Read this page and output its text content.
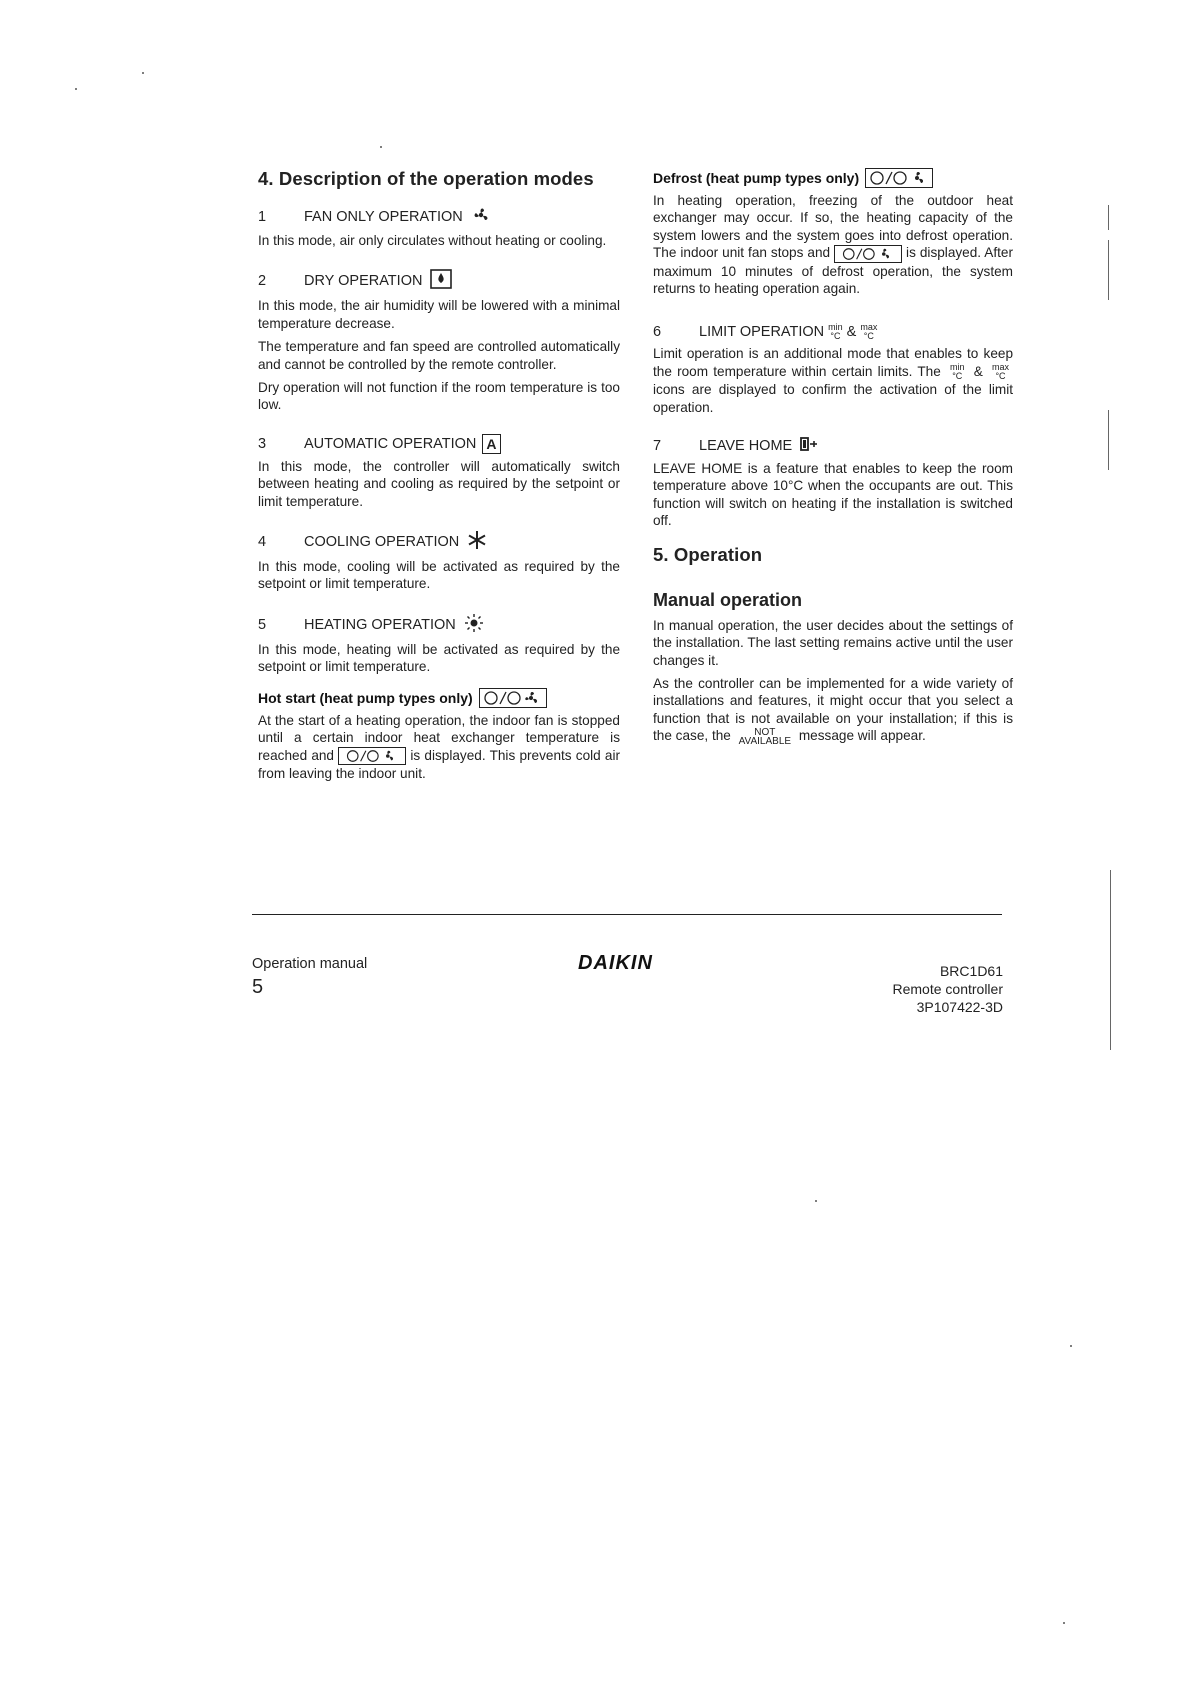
4. Description of the operation modes
1	FAN ONLY OPERATION

In this mode, air only circulates without heating or cooling.

2	DRY OPERATION

In this mode, the air humidity will be lowered with a minimal temperature decrease.

The temperature and fan speed are controlled automatically and cannot be controlled by the remote controller.

Dry operation will not function if the room temperature is too low.

3	AUTOMATIC OPERATION A

In this mode, the controller will automatically switch between heating and cooling as required by the setpoint or limit temperature.

4	COOLING OPERATION

In this mode, cooling will be activated as required by the setpoint or limit temperature.

5	HEATING OPERATION

In this mode, heating will be activated as required by the setpoint or limit temperature.

Hot start (heat pump types only)

At the start of a heating operation, the indoor fan is stopped until a certain indoor heat exchanger temperature is reached and	is displayed. This prevents cold air from leaving the indoor unit.

Defrost (heat pump types only)

In heating operation, freezing of the outdoor heat exchanger may occur. If so, the heating capacity of the system lowers and the system goes into defrost operation. The indoor unit fan stops and	is displayed. After maximum 10 minutes of defrost operation, the system returns to heating operation again.

6	LIMIT OPERATION min
°C & max
°C

Limit operation is an additional mode that enables to keep the room temperature within certain limits. The min
°C & max
°C icons are displayed to confirm the activation of the limit operation.

7	LEAVE HOME

LEAVE HOME is a feature that enables to keep the room temperature above 10°C when the occupants are out. This function will switch on heating if the installation is switched off.

5. Operation
Manual operation

In manual operation, the user decides about the settings of the installation. The last setting remains active until the user changes it.

As the controller can be implemented for a wide variety of installations and features, it might occur that you select a function that is not available on your installation; if this is the case, the NOT
AVAILABLE message will appear.

Operation manual
5
DAIKIN	BRC1D61
Remote controller
3P107422-3D
